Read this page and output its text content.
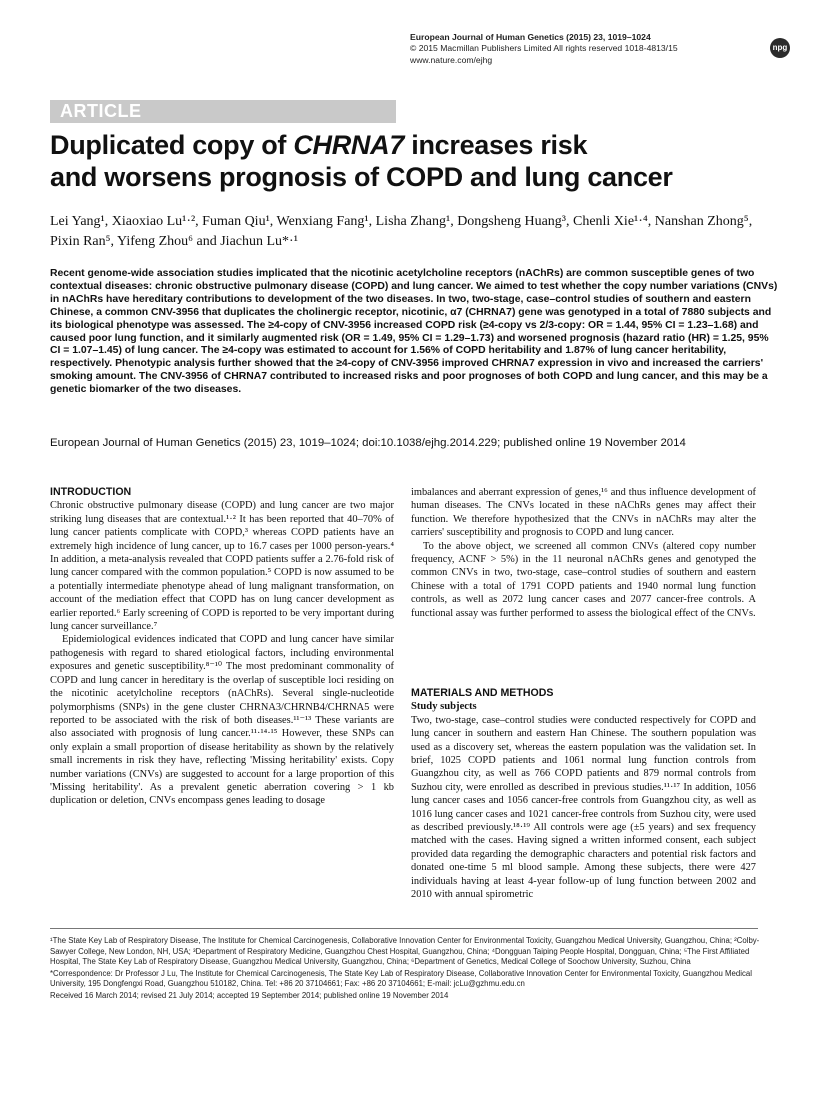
European Journal of Human Genetics (2015) 23, 1019–1024
© 2015 Macmillan Publishers Limited All rights reserved 1018-4813/15
www.nature.com/ejhg
npg
ARTICLE
Duplicated copy of CHRNA7 increases risk
and worsens prognosis of COPD and lung cancer
Lei Yang¹, Xiaoxiao Lu¹·², Fuman Qiu¹, Wenxiang Fang¹, Lisha Zhang¹, Dongsheng Huang³, Chenli Xie¹·⁴, Nanshan Zhong⁵, Pixin Ran⁵, Yifeng Zhou⁶ and Jiachun Lu*·¹
Recent genome-wide association studies implicated that the nicotinic acetylcholine receptors (nAChRs) are common susceptible genes of two contextual diseases: chronic obstructive pulmonary disease (COPD) and lung cancer. We aimed to test whether the copy number variations (CNVs) in nAChRs have hereditary contributions to development of the two diseases. In two, two-stage, case–control studies of southern and eastern Chinese, a common CNV-3956 that duplicates the cholinergic receptor, nicotinic, α7 (CHRNA7) gene was genotyped in a total of 7880 subjects and its biological phenotype was assessed. The ≥4-copy of CNV-3956 increased COPD risk (≥4-copy vs 2/3-copy: OR = 1.44, 95% CI = 1.23–1.68) and caused poor lung function, and it similarly augmented risk (OR = 1.49, 95% CI = 1.29–1.73) and worsened prognosis (hazard ratio (HR) = 1.25, 95% CI = 1.07–1.45) of lung cancer. The ≥4-copy was estimated to account for 1.56% of COPD heritability and 1.87% of lung cancer heritability, respectively. Phenotypic analysis further showed that the ≥4-copy of CNV-3956 improved CHRNA7 expression in vivo and increased the carriers' smoking amount. The CNV-3956 of CHRNA7 contributed to increased risks and poor prognoses of both COPD and lung cancer, and this may be a genetic biomarker of the two diseases.
European Journal of Human Genetics (2015) 23, 1019–1024; doi:10.1038/ejhg.2014.229; published online 19 November 2014

INTRODUCTION

Chronic obstructive pulmonary disease (COPD) and lung cancer are two major striking lung diseases that are contextual.¹·² It has been reported that 40–70% of lung cancer patients complicate with COPD,³ whereas COPD patients have an extremely high incidence of lung cancer, up to 16.7 cases per 1000 person-years.⁴ In addition, a meta-analysis revealed that COPD patients suffer a 2.76-fold risk of lung cancer compared with the common population.⁵ COPD is now assumed to be a potentially intermediate phenotype ahead of lung malignant transformation, on account of the mediation effect that COPD has on lung cancer development as earlier reported.⁶ Early screening of COPD is reported to be very important during lung cancer surveillance.⁷

Epidemiological evidences indicated that COPD and lung cancer have similar pathogenesis with regard to shared etiological factors, including environmental exposures and genetic susceptibility.⁸⁻¹⁰ The most predominant commonality of COPD and lung cancer in hereditary is the overlap of susceptible loci residing on the nicotinic acetylcholine receptors (nAChRs). Several single-nucleotide polymorphisms (SNPs) in the gene cluster CHRNA3/CHRNB4/CHRNA5 were reported to be associated with the risk of both diseases.¹¹⁻¹³ These variants are also associated with prognosis of lung cancer.¹¹·¹⁴·¹⁵ However, these SNPs can only explain a small proportion of disease heritability as shown by the relatively small increments in risk they have, reflecting 'Missing heritability' exists. Copy number variations (CNVs) are suggested to account for a large proportion of this 'Missing heritability'. As a prevalent genetic aberration covering > 1 kb duplication or deletion, CNVs encompass genes leading to dosage

imbalances and aberrant expression of genes,¹⁶ and thus influence development of human diseases. The CNVs located in these nAChRs genes may affect their function. We therefore hypothesized that the CNVs in nAChRs may alter the carriers' susceptibility and prognosis to COPD and lung cancer.

To the above object, we screened all common CNVs (altered copy number frequency, ACNF > 5%) in the 11 neuronal nAChRs genes and genotyped the common CNVs in two, two-stage, case–control studies of southern and eastern Chinese with a total of 1791 COPD patients and 1940 normal lung function controls, as well as 2072 lung cancer cases and 2077 cancer-free controls. A functional assay was further performed to assess the biological effect of the CNVs.

MATERIALS AND METHODS

Study subjects

Two, two-stage, case–control studies were conducted respectively for COPD and lung cancer in southern and eastern Han Chinese. The southern population was used as a discovery set, whereas the eastern population was the validation set. In brief, 1025 COPD patients and 1061 normal lung function controls from Guangzhou city, as well as 766 COPD patients and 879 normal controls from Suzhou city, were enrolled as described in previous studies.¹¹·¹⁷ In addition, 1056 lung cancer cases and 1056 cancer-free controls from Guangzhou city, as well as 1016 lung cancer cases and 1021 cancer-free controls from Suzhou city, were used as described previously.¹⁸·¹⁹ All controls were age (±5 years) and sex frequency matched with the cases. Having signed a written informed consent, each subject provided data regarding the demographic characters and potential risk factors and donated one-time 5 ml blood sample. Among these subjects, there were 427 individuals having at least 4-year follow-up of lung function between 2002 and 2010 with annual spirometric

¹The State Key Lab of Respiratory Disease, The Institute for Chemical Carcinogenesis, Collaborative Innovation Center for Environmental Toxicity, Guangzhou Medical University, Guangzhou, China; ²Colby-Sawyer College, New London, NH, USA; ³Department of Respiratory Medicine, Guangzhou Chest Hospital, Guangzhou, China; ⁴Dongguan Taiping People Hospital, Dongguan, China; ⁵The First Affiliated Hospital, The State Key Lab of Respiratory Disease, Guangzhou Medical University, Guangzhou, China; ⁶Department of Genetics, Medical College of Soochow University, Suzhou, China

*Correspondence: Dr Professor J Lu, The Institute for Chemical Carcinogenesis, The State Key Lab of Respiratory Disease, Collaborative Innovation Center for Environmental Toxicity, Guangzhou Medical University, 195 Dongfengxi Road, Guangzhou 510182, China. Tel: +86 20 37104661; Fax: +86 20 37104661; E-mail: jcLu@gzhmu.edu.cn

Received 16 March 2014; revised 21 July 2014; accepted 19 September 2014; published online 19 November 2014
